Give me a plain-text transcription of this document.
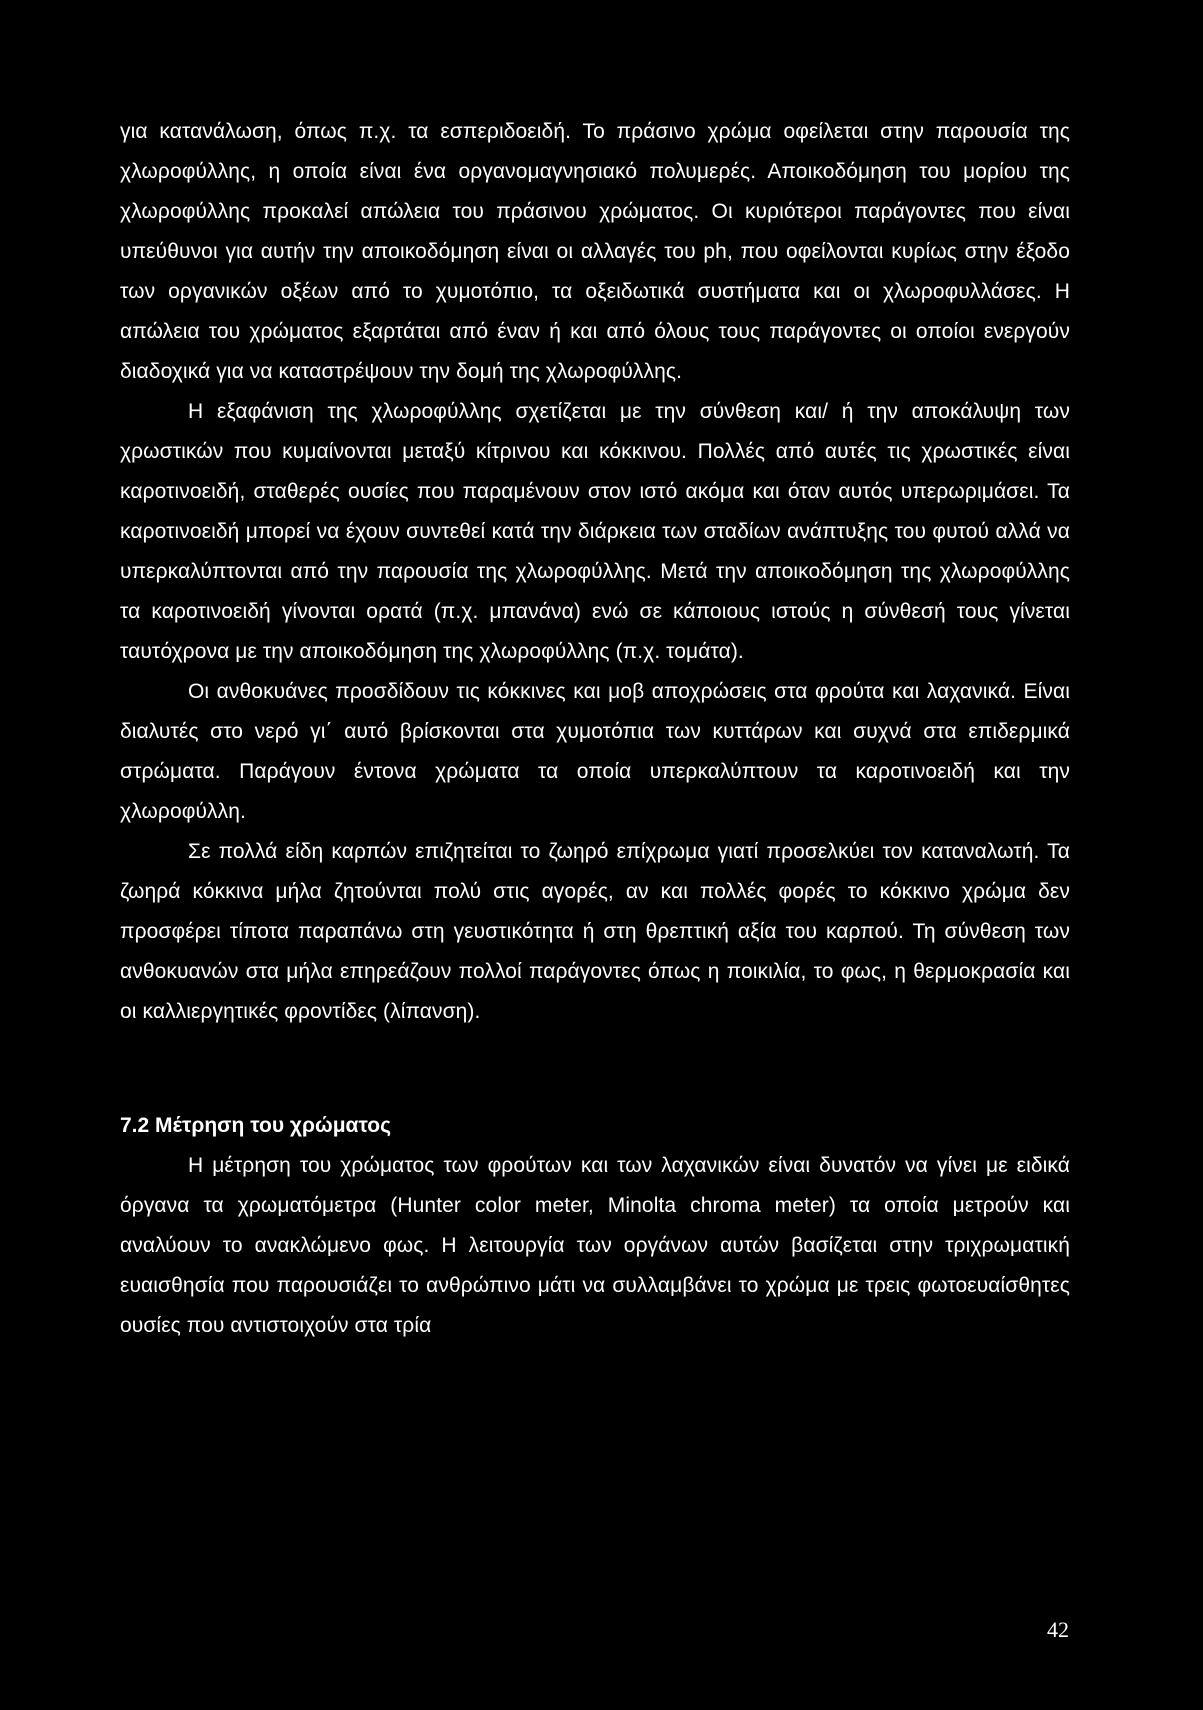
για κατανάλωση, όπως π.χ. τα εσπεριδοειδή. Το πράσινο χρώμα οφείλεται στην παρουσία της χλωροφύλλης, η οποία είναι ένα οργανομαγνησιακό πολυμερές. Αποικοδόμηση του μορίου της χλωροφύλλης προκαλεί απώλεια του πράσινου χρώματος. Οι κυριότεροι παράγοντες που είναι υπεύθυνοι για αυτήν την αποικοδόμηση είναι οι αλλαγές του ph, που οφείλονται κυρίως στην έξοδο των οργανικών οξέων από το χυμοτόπιο, τα οξειδωτικά συστήματα και οι χλωροφυλλάσες. Η απώλεια του χρώματος εξαρτάται από έναν ή και από όλους τους παράγοντες οι οποίοι ενεργούν διαδοχικά για να καταστρέψουν την δομή της χλωροφύλλης.

Η εξαφάνιση της χλωροφύλλης σχετίζεται με την σύνθεση και/ ή την αποκάλυψη των χρωστικών που κυμαίνονται μεταξύ κίτρινου και κόκκινου. Πολλές από αυτές τις χρωστικές είναι καροτινοειδή, σταθερές ουσίες που παραμένουν στον ιστό ακόμα και όταν αυτός υπερωριμάσει. Τα καροτινοειδή μπορεί να έχουν συντεθεί κατά την διάρκεια των σταδίων ανάπτυξης του φυτού αλλά να υπερκαλύπτονται από την παρουσία της χλωροφύλλης. Μετά την αποικοδόμηση της χλωροφύλλης τα καροτινοειδή γίνονται ορατά (π.χ. μπανάνα) ενώ σε κάποιους ιστούς η σύνθεσή τους γίνεται ταυτόχρονα με την αποικοδόμηση της χλωροφύλλης (π.χ. τομάτα).

Οι ανθοκυάνες προσδίδουν τις κόκκινες και μοβ αποχρώσεις στα φρούτα και λαχανικά. Είναι διαλυτές στο νερό γι΄ αυτό βρίσκονται στα χυμοτόπια των κυττάρων και συχνά στα επιδερμικά στρώματα. Παράγουν έντονα χρώματα τα οποία υπερκαλύπτουν τα καροτινοειδή και την χλωροφύλλη.

Σε πολλά είδη καρπών επιζητείται το ζωηρό επίχρωμα γιατί προσελκύει τον καταναλωτή. Τα ζωηρά κόκκινα μήλα ζητούνται πολύ στις αγορές, αν και πολλές φορές το κόκκινο χρώμα δεν προσφέρει τίποτα παραπάνω στη γευστικότητα ή στη θρεπτική αξία του καρπού. Τη σύνθεση των ανθοκυανών στα μήλα επηρεάζουν πολλοί παράγοντες όπως η ποικιλία, το φως, η θερμοκρασία και οι καλλιεργητικές φροντίδες (λίπανση).

7.2 Μέτρηση του χρώματος

Η μέτρηση του χρώματος των φρούτων και των λαχανικών είναι δυνατόν να γίνει με ειδικά όργανα τα χρωματόμετρα (Hunter color meter, Minolta chroma meter) τα οποία μετρούν και αναλύουν το ανακλώμενο φως. Η λειτουργία των οργάνων αυτών βασίζεται στην τριχρωματική ευαισθησία που παρουσιάζει το ανθρώπινο μάτι να συλλαμβάνει το χρώμα με τρεις φωτοευαίσθητες ουσίες που αντιστοιχούν στα τρία

42
